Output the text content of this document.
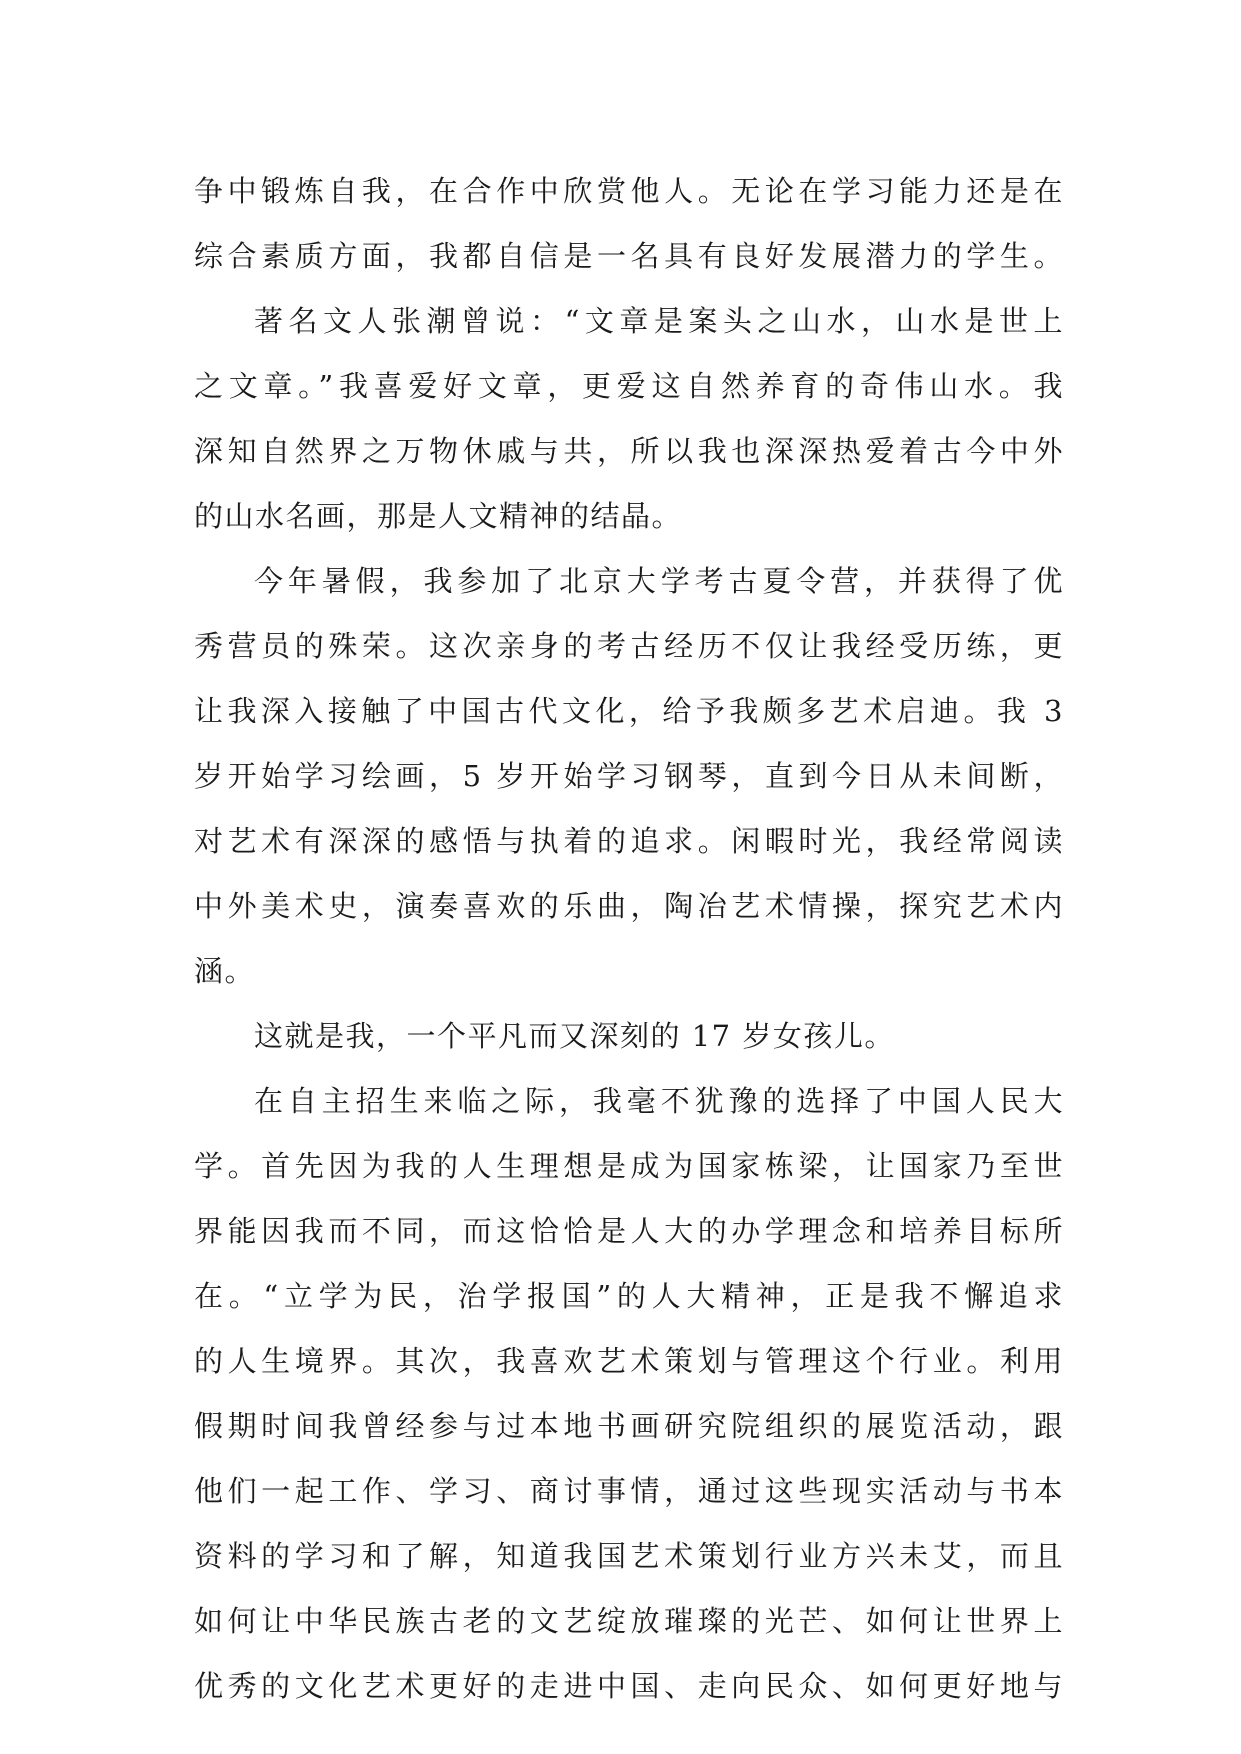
争中锻炼自我，在合作中欣赏他人。无论在学习能力还是在
综合素质方面，我都自信是一名具有良好发展潜力的学生。
著名文人张潮曾说：“文章是案头之山水，山水是世上
之文章。”我喜爱好文章，更爱这自然养育的奇伟山水。我
深知自然界之万物休戚与共，所以我也深深热爱着古今中外
的山水名画，那是人文精神的结晶。
今年暑假，我参加了北京大学考古夏令营，并获得了优
秀营员的殊荣。这次亲身的考古经历不仅让我经受历练，更
让我深入接触了中国古代文化，给予我颇多艺术启迪。我 3
岁开始学习绘画，5 岁开始学习钢琴，直到今日从未间断，
对艺术有深深的感悟与执着的追求。闲暇时光，我经常阅读
中外美术史，演奏喜欢的乐曲，陶冶艺术情操，探究艺术内
涵。
这就是我，一个平凡而又深刻的 17 岁女孩儿。
在自主招生来临之际，我毫不犹豫的选择了中国人民大
学。首先因为我的人生理想是成为国家栋梁，让国家乃至世
界能因我而不同，而这恰恰是人大的办学理念和培养目标所
在。“立学为民，治学报国”的人大精神，正是我不懈追求
的人生境界。其次，我喜欢艺术策划与管理这个行业。利用
假期时间我曾经参与过本地书画研究院组织的展览活动，跟
他们一起工作、学习、商讨事情，通过这些现实活动与书本
资料的学习和了解，知道我国艺术策划行业方兴未艾，而且
如何让中华民族古老的文艺绽放璀璨的光芒、如何让世界上
优秀的文化艺术更好的走进中国、走向民众、如何更好地与
